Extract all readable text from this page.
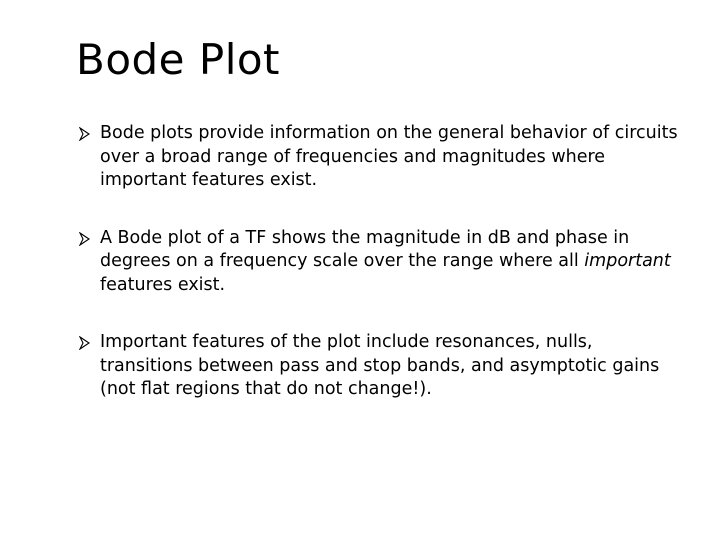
Bode Plot
Bode plots provide information on the general behavior of circuits over a broad range of frequencies and magnitudes where important features exist.
A Bode plot of a TF shows the magnitude in dB and phase in degrees on a frequency scale over the range where all important features exist.
Important features of the plot include resonances, nulls, transitions between pass and stop bands, and asymptotic gains (not flat regions that do not change!).
